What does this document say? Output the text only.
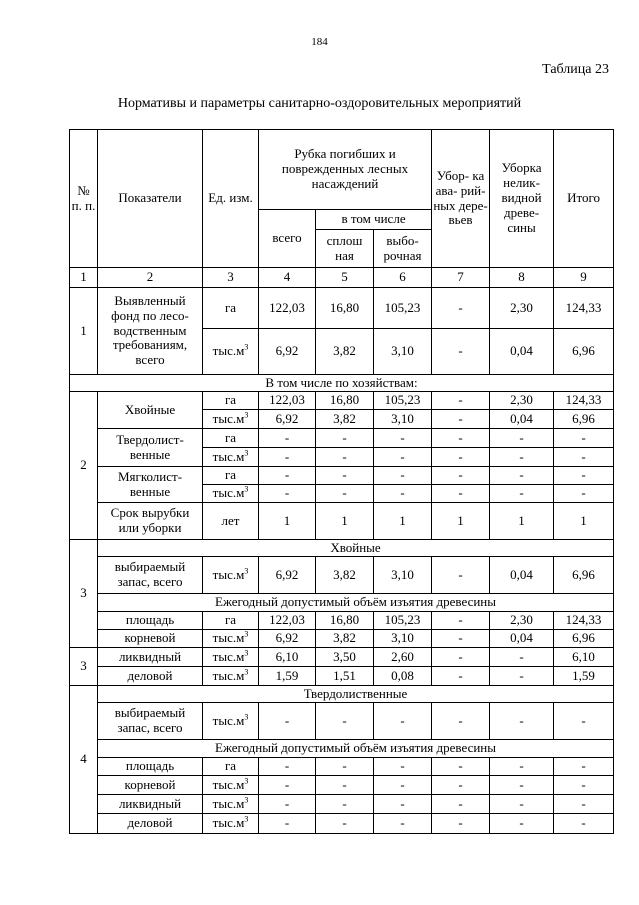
184
Таблица 23
Нормативы и параметры санитарно-оздоровительных мероприятий
№ п. п.	Показатели	Ед. изм.	Рубка погибших и поврежденных лесных насаждений			Убор- ка ава- рий- ных дере- вьев	Уборка нелик- видной древе- сины	Итого
			всего	в том числе				
				сплош ная	выбо- рочная			
1	2	3	4	5	6	7	8	9
1	Выявленный фонд по лесо- водственным требованиям, всего	га	122,03	16,80	105,23	-	2,30	124,33
		$тыс.м^3$	6,92	3,82	3,10	-	0,04	6,96
В том числе по хозяйствам:								
2	Хвойные	га	122,03	16,80	105,23	-	2,30	124,33
		$тыс.м^3$	6,92	3,82	3,10	-	0,04	6,96
	Твердолист- венные	га	-	-	-	-	-	-
		$тыс.м^3$	-	-	-	-	-	-
	Мягколист- венные	га	-	-	-	-	-	-
		$тыс.м^3$	-	-	-	-	-	-
	Срок вырубки или уборки	лет	1	1	1	1	1	1
3	Хвойные							
	выбираемый запас, всего	$тыс.м^3$	6,92	3,82	3,10	-	0,04	6,96
	Ежегодный допустимый объём изъятия древесины							
	площадь	га	122,03	16,80	105,23	-	2,30	124,33
	корневой	$тыс.м^3$	6,92	3,82	3,10	-	0,04	6,96
3	ликвидный	$тыс.м^3$	6,10	3,50	2,60	-	-	6,10
	деловой	$тыс.м^3$	1,59	1,51	0,08	-	-	1,59
4	Твердолиственные							
	выбираемый запас, всего	$тыс.м^3$	-	-	-	-	-	-
	Ежегодный допустимый объём изъятия древесины							
	площадь	га	-	-	-	-	-	-
	корневой	$тыс.м^3$	-	-	-	-	-	-
	ликвидный	$тыс.м^3$	-	-	-	-	-	-
	деловой	$тыс.м^3$	-	-	-	-	-	-
